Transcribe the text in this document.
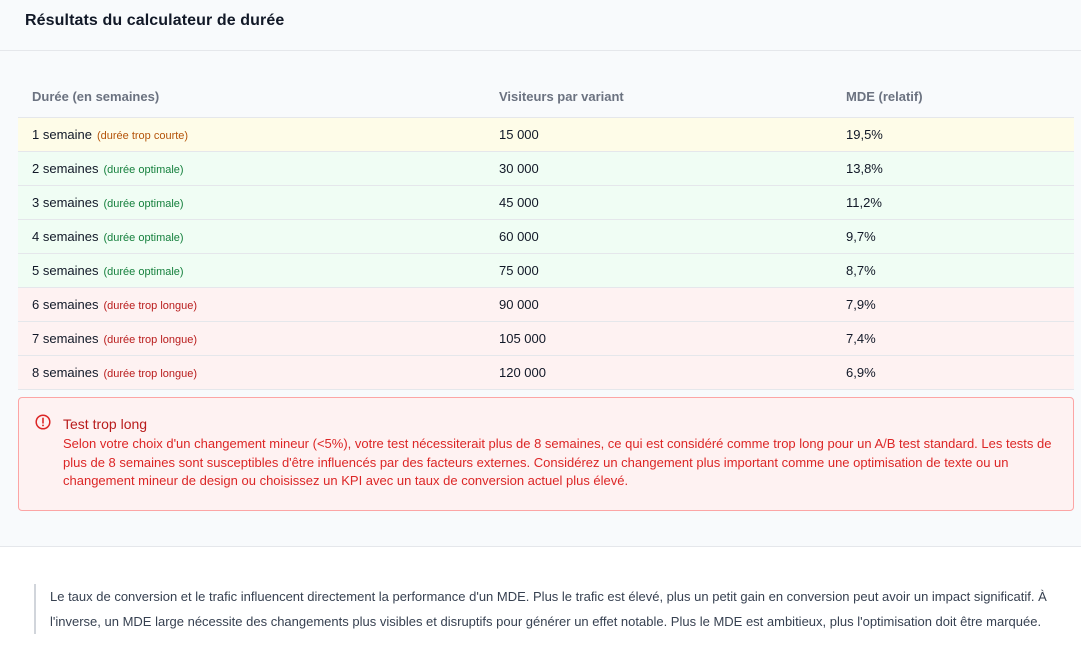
Résultats du calculateur de durée
Durée (en semaines)	Visiteurs par variant	MDE (relatif)
1 semaine (durée trop courte)	15 000	19,5%
2 semaines (durée optimale)	30 000	13,8%
3 semaines (durée optimale)	45 000	11,2%
4 semaines (durée optimale)	60 000	9,7%
5 semaines (durée optimale)	75 000	8,7%
6 semaines (durée trop longue)	90 000	7,9%
7 semaines (durée trop longue)	105 000	7,4%
8 semaines (durée trop longue)	120 000	6,9%
Test trop long
Selon votre choix d'un changement mineur (<5%), votre test nécessiterait plus de 8 semaines, ce qui est considéré comme trop long pour un A/B test standard. Les tests de plus de 8 semaines sont susceptibles d'être influencés par des facteurs externes. Considérez un changement plus important comme une optimisation de texte ou un changement mineur de design ou choisissez un KPI avec un taux de conversion actuel plus élevé.
Le taux de conversion et le trafic influencent directement la performance d'un MDE. Plus le trafic est élevé, plus un petit gain en conversion peut avoir un impact significatif. À l'inverse, un MDE large nécessite des changements plus visibles et disruptifs pour générer un effet notable. Plus le MDE est ambitieux, plus l'optimisation doit être marquée.
